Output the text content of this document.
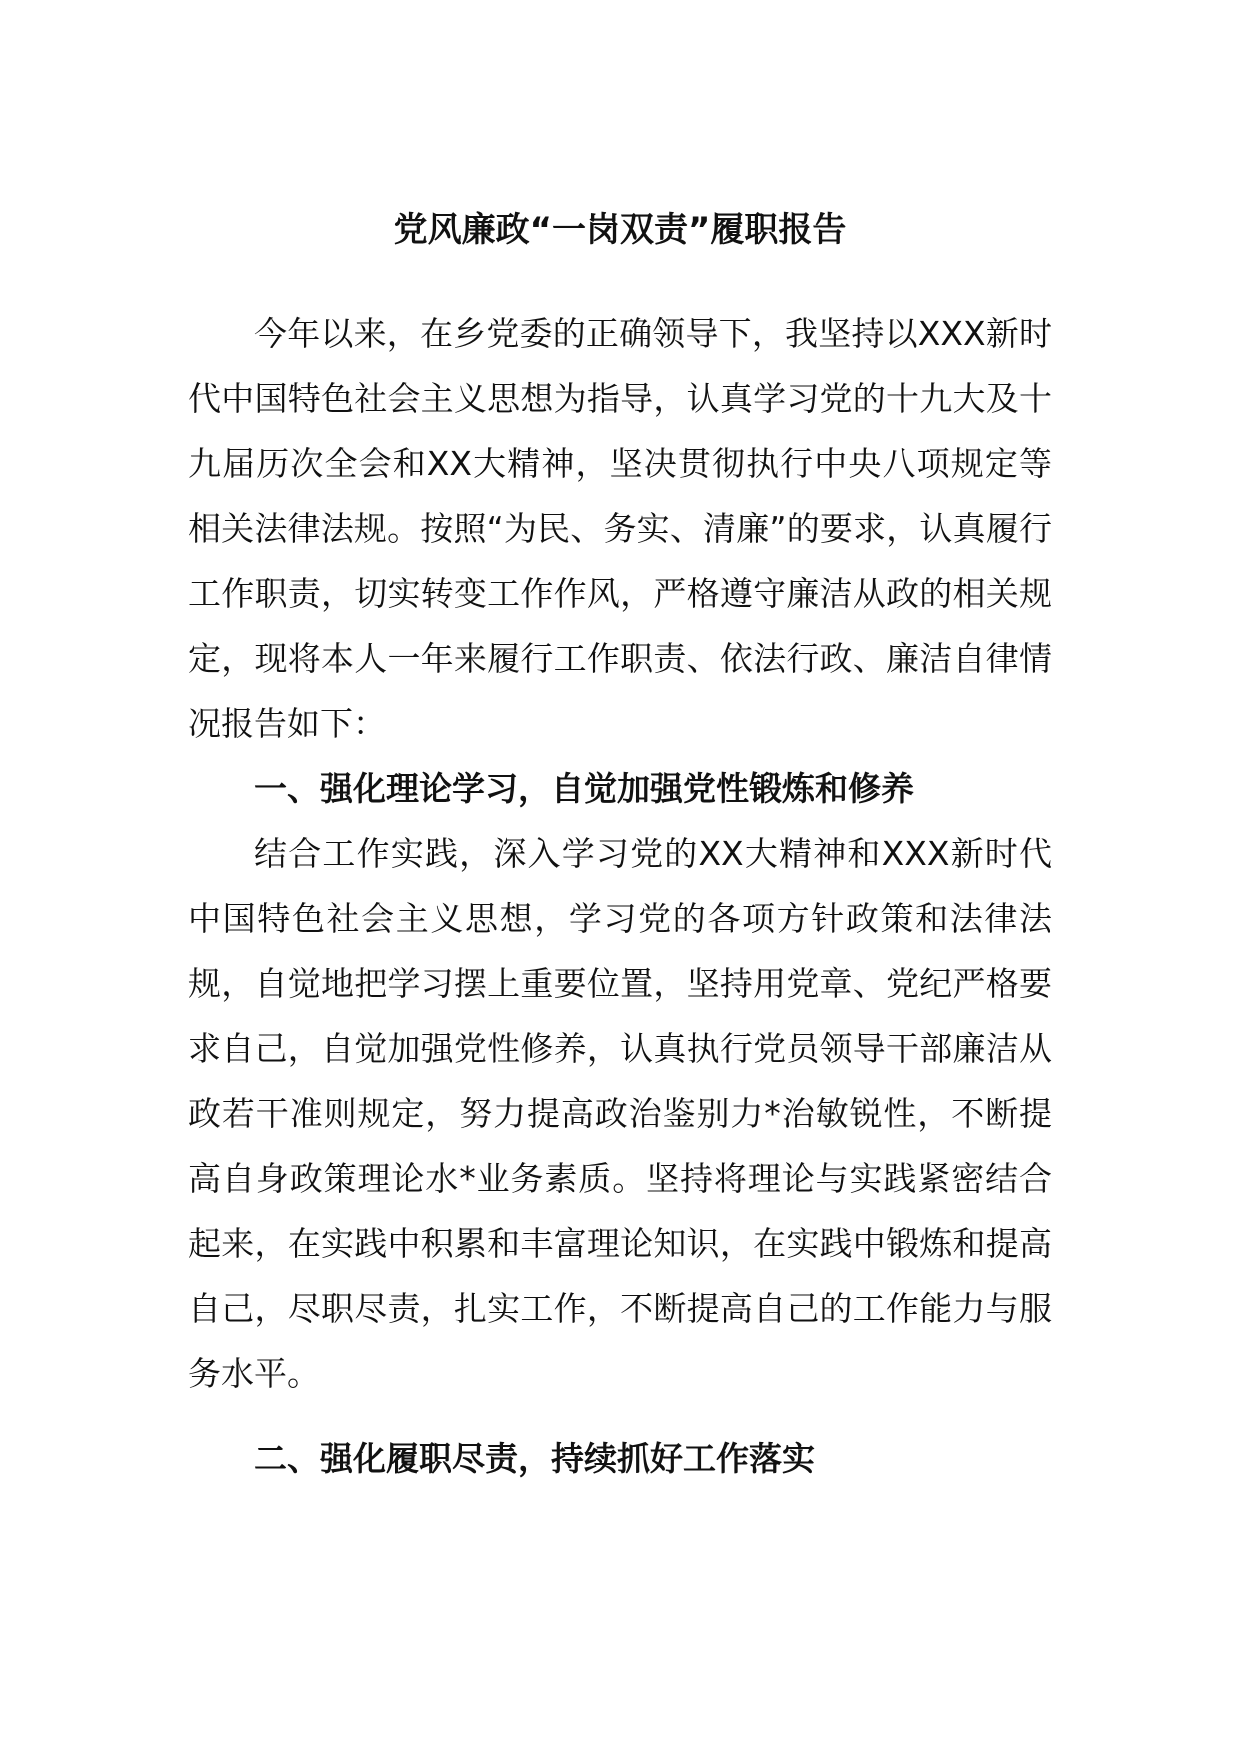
党风廉政“一岗双责”履职报告

今年以来，在乡党委的正确领导下，我坚持以XXX新时代中国特色社会主义思想为指导，认真学习党的十九大及十九届历次全会和XX大精神，坚决贯彻执行中央八项规定等相关法律法规。按照“为民、务实、清廉”的要求，认真履行工作职责，切实转变工作作风，严格遵守廉洁从政的相关规定，现将本人一年来履行工作职责、依法行政、廉洁自律情况报告如下：

一、强化理论学习，自觉加强党性锻炼和修养

结合工作实践，深入学习党的XX大精神和XXX新时代中国特色社会主义思想，学习党的各项方针政策和法律法规，自觉地把学习摆上重要位置，坚持用党章、党纪严格要求自己，自觉加强党性修养，认真执行党员领导干部廉洁从政若干准则规定，努力提高政治鉴别力*治敏锐性，不断提高自身政策理论水*业务素质。坚持将理论与实践紧密结合起来，在实践中积累和丰富理论知识，在实践中锻炼和提高自己，尽职尽责，扎实工作，不断提高自己的工作能力与服务水平。

二、强化履职尽责，持续抓好工作落实
